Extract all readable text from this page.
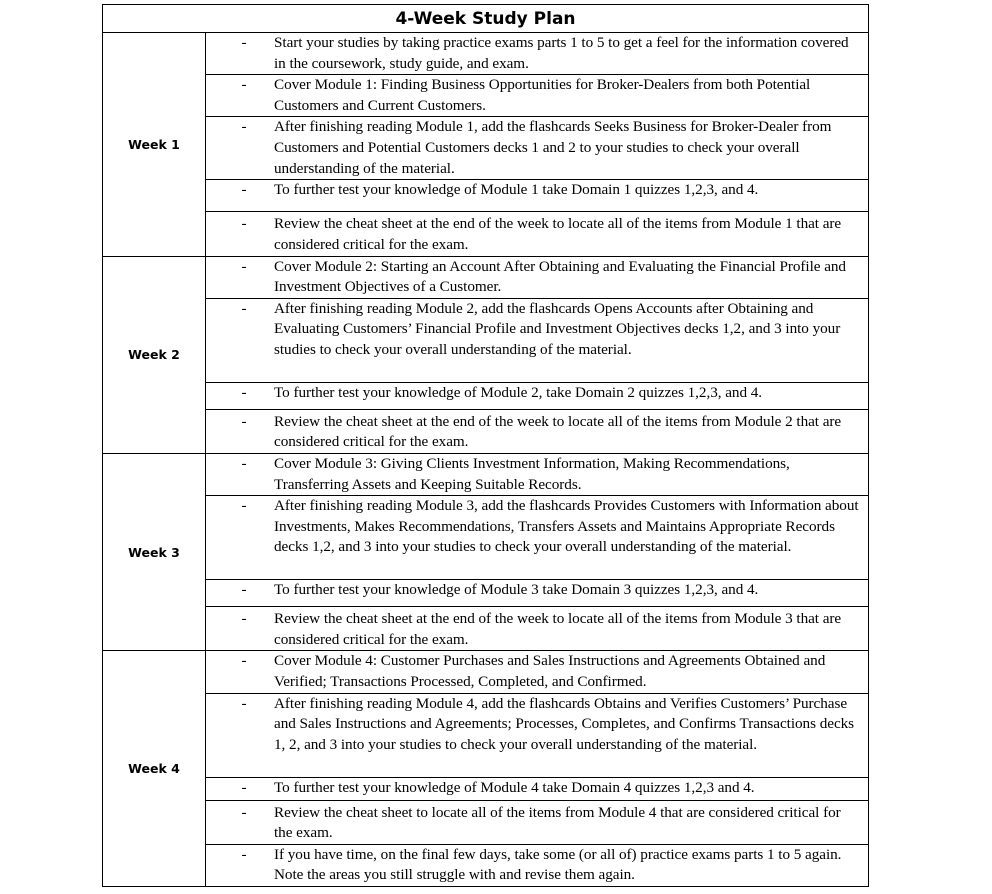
4-Week Study Plan	
Week 1	- Start your studies by taking practice exams parts 1 to 5 to get a feel for the information covered in the coursework, study guide, and exam.

	- Cover Module 1: Finding Business Opportunities for Broker-Dealers from both Potential Customers and Current Customers.

	- After finishing reading Module 1, add the flashcards Seeks Business for Broker-Dealer from Customers and Potential Customers decks 1 and 2 to your studies to check your overall understanding of the material.

	- To further test your knowledge of Module 1 take Domain 1 quizzes 1,2,3, and 4.

	- Review the cheat sheet at the end of the week to locate all of the items from Module 1 that are considered critical for the exam.

Week 2	- Cover Module 2: Starting an Account After Obtaining and Evaluating the Financial Profile and Investment Objectives of a Customer.

	- After finishing reading Module 2, add the flashcards Opens Accounts after Obtaining and Evaluating Customers’ Financial Profile and Investment Objectives decks 1,2, and 3 into your studies to check your overall understanding of the material.

	- To further test your knowledge of Module 2, take Domain 2 quizzes 1,2,3, and 4.

	- Review the cheat sheet at the end of the week to locate all of the items from Module 2 that are considered critical for the exam.

Week 3	- Cover Module 3: Giving Clients Investment Information, Making Recommendations, Transferring Assets and Keeping Suitable Records.

	- After finishing reading Module 3, add the flashcards Provides Customers with Information about Investments, Makes Recommendations, Transfers Assets and Maintains Appropriate Records decks 1,2, and 3 into your studies to check your overall understanding of the material.

	- To further test your knowledge of Module 3 take Domain 3 quizzes 1,2,3, and 4.

	- Review the cheat sheet at the end of the week to locate all of the items from Module 3 that are considered critical for the exam.

Week 4	- Cover Module 4: Customer Purchases and Sales Instructions and Agreements Obtained and Verified; Transactions Processed, Completed, and Confirmed.

	- After finishing reading Module 4, add the flashcards Obtains and Verifies Customers’ Purchase and Sales Instructions and Agreements; Processes, Completes, and Confirms Transactions decks 1, 2, and 3 into your studies to check your overall understanding of the material.

	- To further test your knowledge of Module 4 take Domain 4 quizzes 1,2,3 and 4.

	- Review the cheat sheet to locate all of the items from Module 4 that are considered critical for the exam.

	- If you have time, on the final few days, take some (or all of) practice exams parts 1 to 5 again. Note the areas you still struggle with and revise them again.
